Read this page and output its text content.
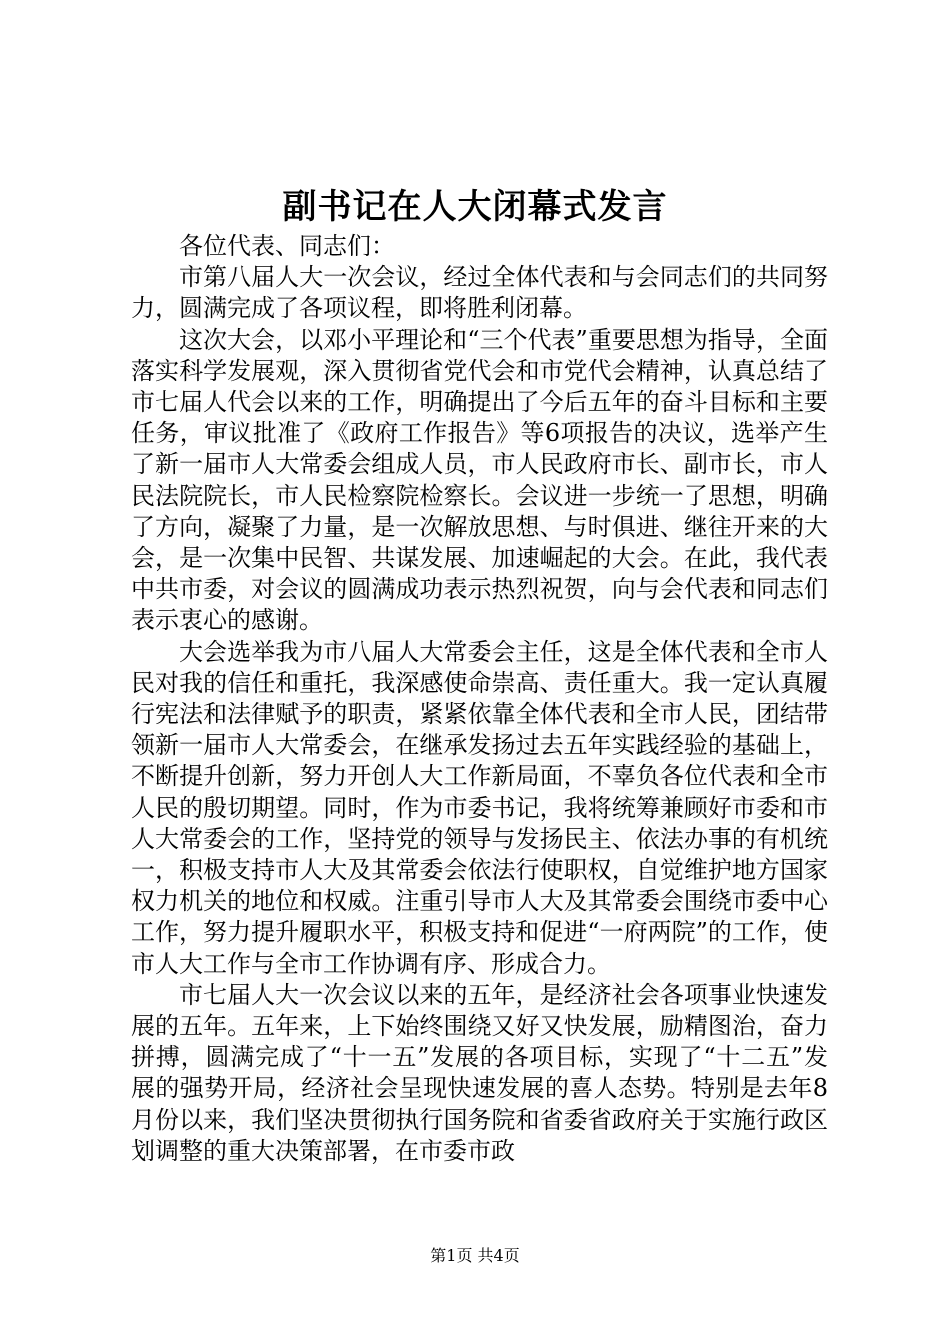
副书记在人大闭幕式发言

各位代表、同志们：

市第八届人大一次会议，经过全体代表和与会同志们的共同努力，圆满完成了各项议程，即将胜利闭幕。

这次大会，以邓小平理论和“三个代表”重要思想为指导，全面落实科学发展观，深入贯彻省党代会和市党代会精神，认真总结了市七届人代会以来的工作，明确提出了今后五年的奋斗目标和主要任务，审议批准了《政府工作报告》等6项报告的决议，选举产生了新一届市人大常委会组成人员，市人民政府市长、副市长，市人民法院院长，市人民检察院检察长。会议进一步统一了思想，明确了方向，凝聚了力量，是一次解放思想、与时俱进、继往开来的大会，是一次集中民智、共谋发展、加速崛起的大会。在此，我代表中共市委，对会议的圆满成功表示热烈祝贺，向与会代表和同志们表示衷心的感谢。

大会选举我为市八届人大常委会主任，这是全体代表和全市人民对我的信任和重托，我深感使命崇高、责任重大。我一定认真履行宪法和法律赋予的职责，紧紧依靠全体代表和全市人民，团结带领新一届市人大常委会，在继承发扬过去五年实践经验的基础上，不断提升创新，努力开创人大工作新局面，不辜负各位代表和全市人民的殷切期望。同时，作为市委书记，我将统筹兼顾好市委和市人大常委会的工作，坚持党的领导与发扬民主、依法办事的有机统一，积极支持市人大及其常委会依法行使职权，自觉维护地方国家权力机关的地位和权威。注重引导市人大及其常委会围绕市委中心工作，努力提升履职水平，积极支持和促进“一府两院”的工作，使市人大工作与全市工作协调有序、形成合力。

市七届人大一次会议以来的五年，是经济社会各项事业快速发展的五年。五年来，上下始终围绕又好又快发展，励精图治，奋力拼搏，圆满完成了“十一五”发展的各项目标，实现了“十二五”发展的强势开局，经济社会呈现快速发展的喜人态势。特别是去年8月份以来，我们坚决贯彻执行国务院和省委省政府关于实施行政区划调整的重大决策部署，在市委市政

第1页 共4页
